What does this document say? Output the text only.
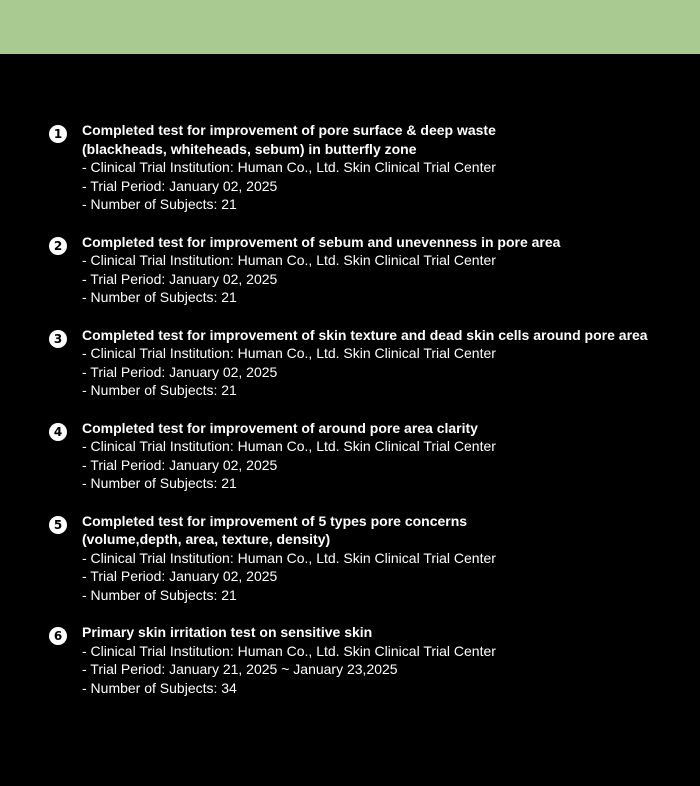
1	Completed test for improvement of pore surface & deep waste
(blackheads, whiteheads, sebum) in butterfly zone

- Clinical Trial Institution: Human Co., Ltd. Skin Clinical Trial Center

- Trial Period: January 02, 2025

- Number of Subjects: 21

2	Completed test for improvement of sebum and unevenness in pore area

- Clinical Trial Institution: Human Co., Ltd. Skin Clinical Trial Center

- Trial Period: January 02, 2025

- Number of Subjects: 21

3	Completed test for improvement of skin texture and dead skin cells around pore area

- Clinical Trial Institution: Human Co., Ltd. Skin Clinical Trial Center

- Trial Period: January 02, 2025

- Number of Subjects: 21

4	Completed test for improvement of around pore area clarity

- Clinical Trial Institution: Human Co., Ltd. Skin Clinical Trial Center

- Trial Period: January 02, 2025

- Number of Subjects: 21

5	Completed test for improvement of 5 types pore concerns
(volume,depth, area, texture, density)

- Clinical Trial Institution: Human Co., Ltd. Skin Clinical Trial Center

- Trial Period: January 02, 2025

- Number of Subjects: 21

6	Primary skin irritation test on sensitive skin

- Clinical Trial Institution: Human Co., Ltd. Skin Clinical Trial Center

- Trial Period: January 21, 2025 ~ January 23,2025

- Number of Subjects: 34
